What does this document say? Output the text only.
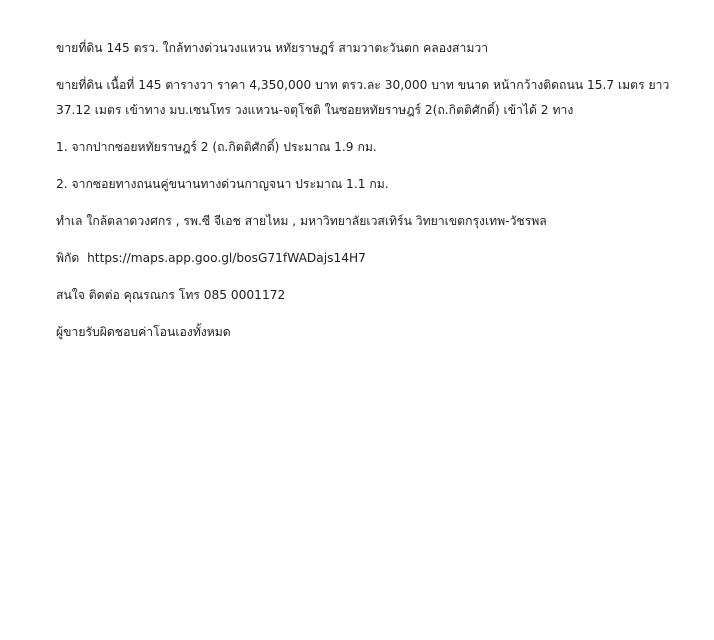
ขายที่ดิน 145 ตรว. ใกล้ทางด่วนวงแหวน หทัยราษฎร์ สามวาตะวันตก คลองสามวา

ขายที่ดิน เนื้อที่ 145 ตารางวา ราคา 4,350,000 บาท ตรว.ละ 30,000 บาท ขนาด หน้ากว้างติดถนน 15.7 เมตร ยาว 37.12 เมตร เข้าทาง มบ.เซนโทร วงแหวน-จตุโชติ ในซอยหทัยราษฎร์ 2(ถ.กิตติศักดิ์) เข้าได้ 2 ทาง

1. จากปากซอยหทัยราษฎร์ 2 (ถ.กิตติศักดิ์) ประมาณ 1.9 กม.

2. จากซอยทางถนนคู่ขนานทางด่วนกาญจนา ประมาณ 1.1 กม.

ทำเล ใกล้ตลาดวงศกร , รพ.ซี จีเอช สายไหม , มหาวิทยาลัยเวสเทิร์น วิทยาเขตกรุงเทพ-วัชรพล

พิกัด https://maps.app.goo.gl/bosG71fWADajs14H7

สนใจ ติดต่อ คุณรณกร โทร 085 0001172

ผู้ขายรับผิดชอบค่าโอนเองทั้งหมด
